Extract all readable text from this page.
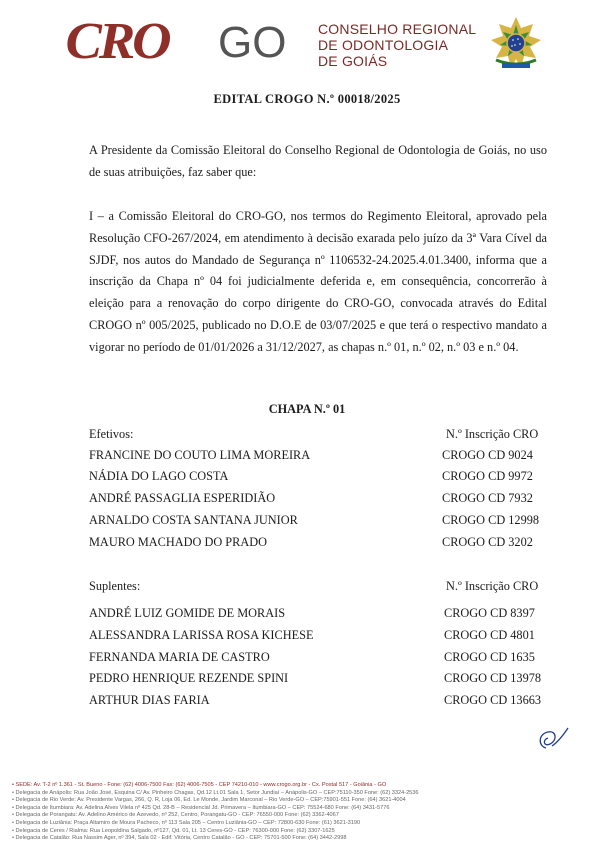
CRO GO CONSELHO REGIONAL
DE ODONTOLOGIA
DE GOIÁS
EDITAL CROGO N.º 00018/2025
A Presidente da Comissão Eleitoral do Conselho Regional de Odontologia de Goiás, no uso de suas atribuições, faz saber que:
I – a Comissão Eleitoral do CRO-GO, nos termos do Regimento Eleitoral, aprovado pela Resolução CFO-267/2024, em atendimento à decisão exarada pelo juízo da 3ª Vara Cível da SJDF, nos autos do Mandado de Segurança nº 1106532-24.2025.4.01.3400, informa que a inscrição da Chapa nº 04 foi judicialmente deferida e, em consequência, concorrerão à eleição para a renovação do corpo dirigente do CRO-GO, convocada através do Edital CROGO nº 005/2025, publicado no D.O.E de 03/07/2025 e que terá o respectivo mandato a vigorar no período de 01/01/2026 a 31/12/2027, as chapas n.º 01, n.º 02, n.º 03 e n.º 04.
CHAPA N.º 01
Efetivos:	N.º Inscrição CRO
FRANCINE DO COUTO LIMA MOREIRA	CROGO CD 9024
NÁDIA DO LAGO COSTA	CROGO CD 9972
ANDRÉ PASSAGLIA ESPERIDIÃO	CROGO CD 7932
ARNALDO COSTA SANTANA JUNIOR	CROGO CD 12998
MAURO MACHADO DO PRADO	CROGO CD 3202
Suplentes:	N.º Inscrição CRO
ANDRÉ LUIZ GOMIDE DE MORAIS	CROGO CD 8397
ALESSANDRA LARISSA ROSA KICHESE	CROGO CD 4801
FERNANDA MARIA DE CASTRO	CROGO CD 1635
PEDRO HENRIQUE REZENDE SPINI	CROGO CD 13978
ARTHUR DIAS FARIA	CROGO CD 13663
• SEDE: Av. T-2 nº 1.361 - St. Bueno - Fone: (62) 4006-7500 Fax: (62) 4006-7505 - CEP 74210-010 - www.crogo.org.br - Cx. Postal 517 - Goiânia - GO
• Delegacia de Anápolis: Rua João José, Esquina C/ Av. Pinheiro Chagas, Qd.12 Lt.01 Sala 1, Setor Jundiaí – Anápolis-GO – CEP:75110-350 Fone: (62) 3324-2536
• Delegacia de Rio Verde: Av. Presidente Vargas, 266, Q. R, Loja 06, Ed. Le Monde, Jardim Marconal – Rio Verde-GO – CEP:75901-551 Fone: (64) 3621-4004
• Delegacia de Itumbiara: Av. Adelina Alves Vilela nº 425 Qd. 28-B – Residencial Jd. Primavera – Itumbiara-GO – CEP: 75524-680 Fone: (64) 3431-5776
• Delegacia de Porangatu: Av. Adelino Américo de Azevedo, nº 252, Centro, Porangatu-GO - CEP: 76550-000 Fone: (62) 3362-4067
• Delegacia de Luziânia: Praça Altamiro de Moura Pacheco, nº 113 Sala 205 – Centro Luziânia-GO – CEP: 72800-630 Fone: (61) 3621-3190
• Delegacia de Ceres / Rialma: Rua Leopoldina Salgado, nº127, Qd. 01, Lt. 13 Ceres-GO - CEP: 76300-000 Fone: (62) 3307-1625
• Delegacia de Catalão: Rua Nassim Ager, nº 394, Sala 02 - Edif. Vitória, Centro Catalão - GO - CEP: 75701-500 Fone: (64) 3442-2998
